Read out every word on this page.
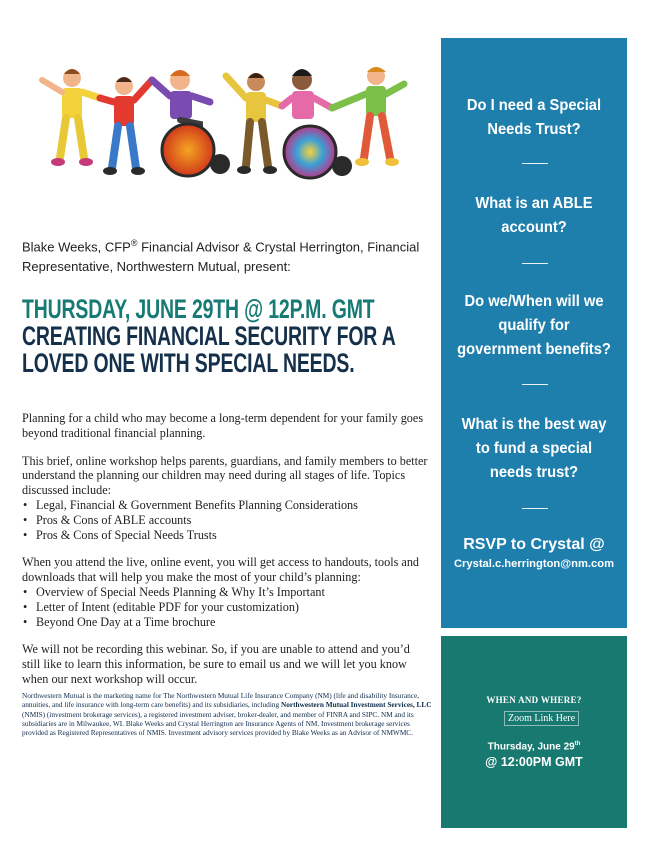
Blake Weeks, CFP® Financial Advisor & Crystal Herrington, Financial
Representative, Northwestern Mutual, present:
THURSDAY, JUNE 29TH @ 12P.M. GMT
CREATING FINANCIAL SECURITY FOR A
LOVED ONE WITH SPECIAL NEEDS.

Planning for a child who may become a long-term dependent for your family goes beyond traditional financial planning.

This brief, online workshop helps parents, guardians, and family members to better understand the planning our children may need during all stages of life. Topics discussed include:

• Legal, Financial & Government Benefits Planning Considerations
• Pros & Cons of ABLE accounts
• Pros & Cons of Special Needs Trusts

When you attend the live, online event, you will get access to handouts, tools and downloads that will help you make the most of your child’s planning:

• Overview of Special Needs Planning & Why It’s Important
• Letter of Intent (editable PDF for your customization)
• Beyond One Day at a Time brochure

We will not be recording this webinar. So, if you are unable to attend and you’d still like to learn this information, be sure to email us and we will let you know when our next workshop will occur.

Northwestern Mutual is the marketing name for The Northwestern Mutual Life Insurance Company (NM) (life and disability Insurance, annuities, and life insurance with long-term care benefits) and its subsidiaries, including Northwestern Mutual Investment Services, LLC (NMIS) (investment brokerage services), a registered investment adviser, broker-dealer, and member of FINRA and SIPC. NM and its subsidiaries are in Milwaukee, WI. Blake Weeks and Crystal Herrington are Insurance Agents of NM. Investment brokerage services provided as Registered Representatives of NMIS. Investment advisory services provided by Blake Weeks as an Advisor of NMWMC.
Do I need a Special Needs Trust?
What is an ABLE account?
Do we/When will we qualify for government benefits?
What is the best way to fund a special needs trust?
RSVP to Crystal @
Crystal.c.herrington@nm.com
WHEN AND WHERE?
Zoom Link Here
Thursday, June 29th
@ 12:00PM GMT
